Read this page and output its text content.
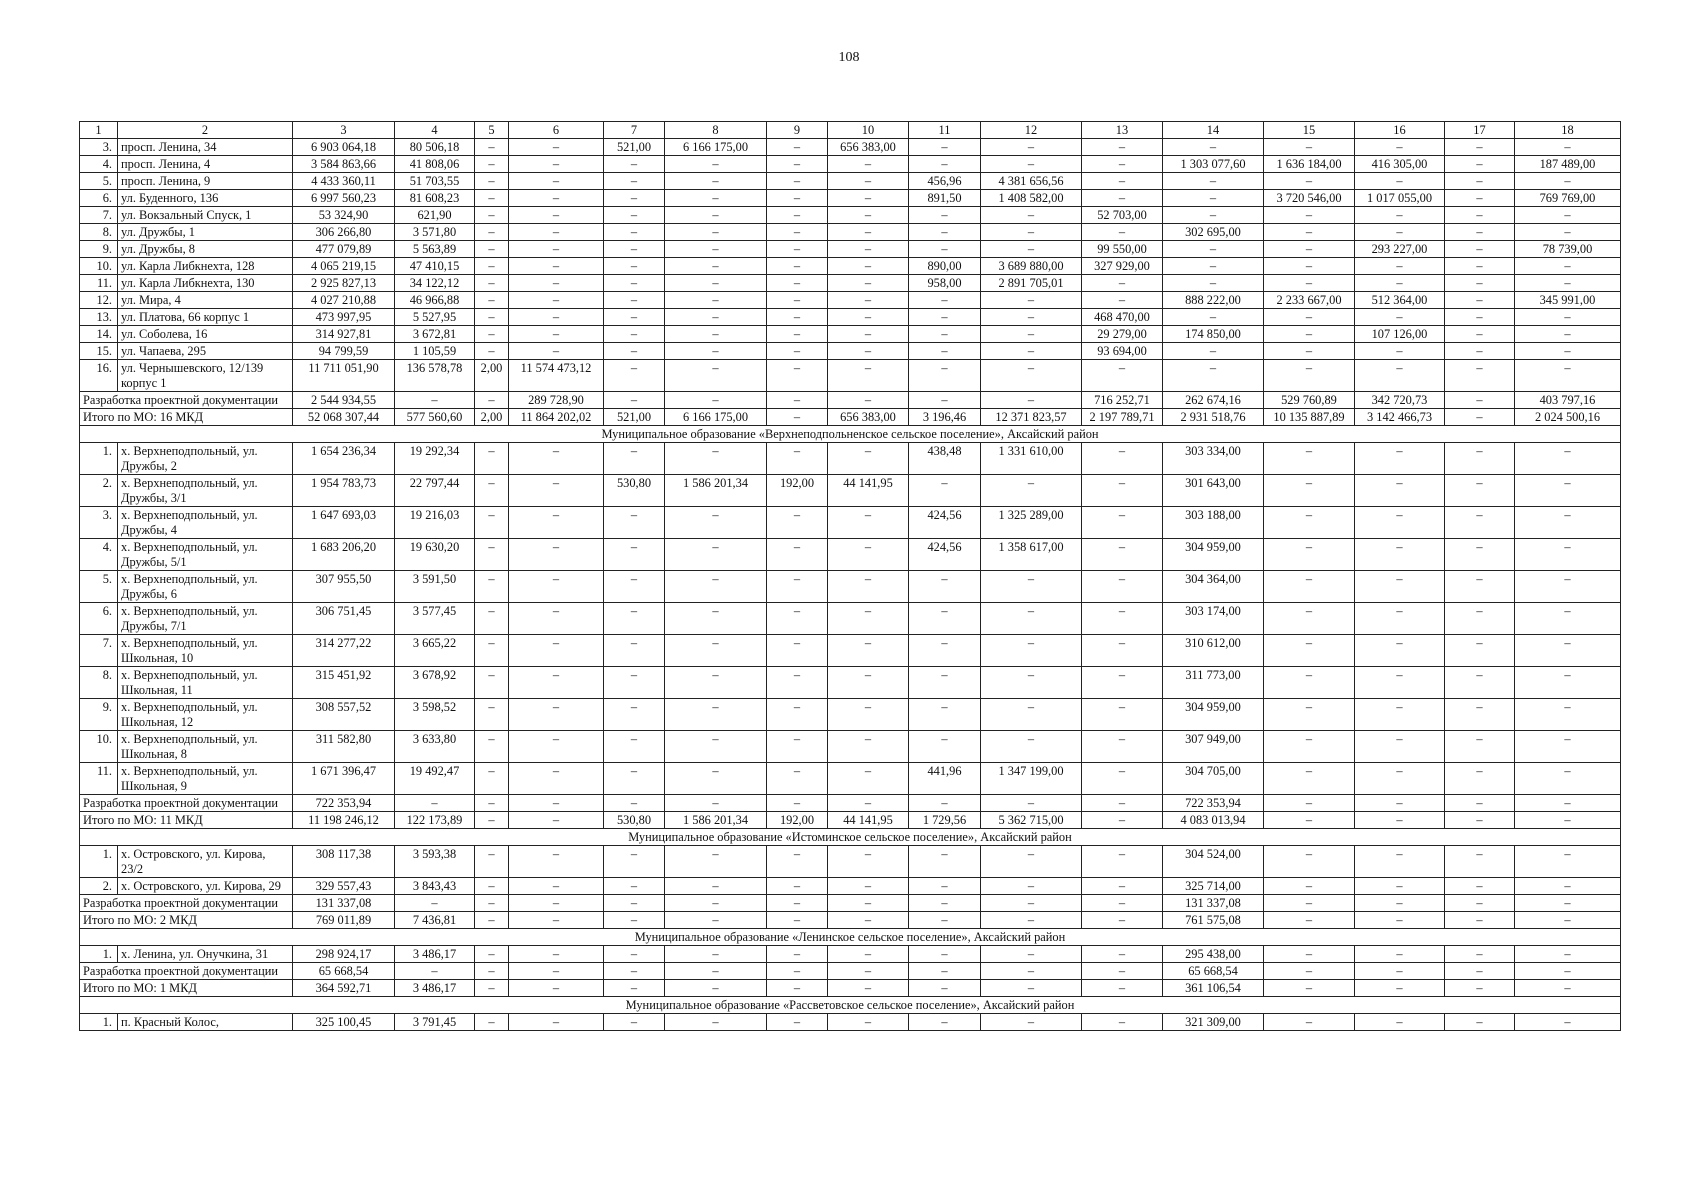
108
1	2	3	4	5	6	7	8	9	10	11	12	13	14	15	16	17	18
3.	просп. Ленина, 34	6 903 064,18	80 506,18	–	–	521,00	6 166 175,00	–	656 383,00	–	–	–	–	–	–	–	–
4.	просп. Ленина, 4	3 584 863,66	41 808,06	–	–	–	–	–	–	–	–	–	1 303 077,60	1 636 184,00	416 305,00	–	187 489,00
5.	просп. Ленина, 9	4 433 360,11	51 703,55	–	–	–	–	–	–	456,96	4 381 656,56	–	–	–	–	–	–
6.	ул. Буденного, 136	6 997 560,23	81 608,23	–	–	–	–	–	–	891,50	1 408 582,00	–	–	3 720 546,00	1 017 055,00	–	769 769,00
7.	ул. Вокзальный Спуск, 1	53 324,90	621,90	–	–	–	–	–	–	–	–	52 703,00	–	–	–	–	–
8.	ул. Дружбы, 1	306 266,80	3 571,80	–	–	–	–	–	–	–	–	–	302 695,00	–	–	–	–
9.	ул. Дружбы, 8	477 079,89	5 563,89	–	–	–	–	–	–	–	–	99 550,00	–	–	293 227,00	–	78 739,00
10.	ул. Карла Либкнехта, 128	4 065 219,15	47 410,15	–	–	–	–	–	–	890,00	3 689 880,00	327 929,00	–	–	–	–	–
11.	ул. Карла Либкнехта, 130	2 925 827,13	34 122,12	–	–	–	–	–	–	958,00	2 891 705,01	–	–	–	–	–	–
12.	ул. Мира, 4	4 027 210,88	46 966,88	–	–	–	–	–	–	–	–	–	888 222,00	2 233 667,00	512 364,00	–	345 991,00
13.	ул. Платова, 66 корпус 1	473 997,95	5 527,95	–	–	–	–	–	–	–	–	468 470,00	–	–	–	–	–
14.	ул. Соболева, 16	314 927,81	3 672,81	–	–	–	–	–	–	–	–	29 279,00	174 850,00	–	107 126,00	–	–
15.	ул. Чапаева, 295	94 799,59	1 105,59	–	–	–	–	–	–	–	–	93 694,00	–	–	–	–	–
16.	ул. Чернышевского, 12/139 корпус 1	11 711 051,90	136 578,78	2,00	11 574 473,12	–	–	–	–	–	–	–	–	–	–	–	–
Разработка проектной документации		2 544 934,55	–	–	289 728,90	–	–	–	–	–	–	716 252,71	262 674,16	529 760,89	342 720,73	–	403 797,16
Итого по МО: 16 МКД		52 068 307,44	577 560,60	2,00	11 864 202,02	521,00	6 166 175,00	–	656 383,00	3 196,46	12 371 823,57	2 197 789,71	2 931 518,76	10 135 887,89	3 142 466,73	–	2 024 500,16
Муниципальное образование «Верхнеподпольненское сельское поселение», Аксайский район																	
1.	х. Верхнеподпольный, ул. Дружбы, 2	1 654 236,34	19 292,34	–	–	–	–	–	–	438,48	1 331 610,00	–	303 334,00	–	–	–	–
2.	х. Верхнеподпольный, ул. Дружбы, 3/1	1 954 783,73	22 797,44	–	–	530,80	1 586 201,34	192,00	44 141,95	–	–	–	301 643,00	–	–	–	–
3.	х. Верхнеподпольный, ул. Дружбы, 4	1 647 693,03	19 216,03	–	–	–	–	–	–	424,56	1 325 289,00	–	303 188,00	–	–	–	–
4.	х. Верхнеподпольный, ул. Дружбы, 5/1	1 683 206,20	19 630,20	–	–	–	–	–	–	424,56	1 358 617,00	–	304 959,00	–	–	–	–
5.	х. Верхнеподпольный, ул. Дружбы, 6	307 955,50	3 591,50	–	–	–	–	–	–	–	–	–	304 364,00	–	–	–	–
6.	х. Верхнеподпольный, ул. Дружбы, 7/1	306 751,45	3 577,45	–	–	–	–	–	–	–	–	–	303 174,00	–	–	–	–
7.	х. Верхнеподпольный, ул. Школьная, 10	314 277,22	3 665,22	–	–	–	–	–	–	–	–	–	310 612,00	–	–	–	–
8.	х. Верхнеподпольный, ул. Школьная, 11	315 451,92	3 678,92	–	–	–	–	–	–	–	–	–	311 773,00	–	–	–	–
9.	х. Верхнеподпольный, ул. Школьная, 12	308 557,52	3 598,52	–	–	–	–	–	–	–	–	–	304 959,00	–	–	–	–
10.	х. Верхнеподпольный, ул. Школьная, 8	311 582,80	3 633,80	–	–	–	–	–	–	–	–	–	307 949,00	–	–	–	–
11.	х. Верхнеподпольный, ул. Школьная, 9	1 671 396,47	19 492,47	–	–	–	–	–	–	441,96	1 347 199,00	–	304 705,00	–	–	–	–
Разработка проектной документации		722 353,94	–	–	–	–	–	–	–	–	–	–	722 353,94	–	–	–	–
Итого по МО: 11 МКД		11 198 246,12	122 173,89	–	–	530,80	1 586 201,34	192,00	44 141,95	1 729,56	5 362 715,00	–	4 083 013,94	–	–	–	–
Муниципальное образование «Истоминское сельское поселение», Аксайский район																	
1.	х. Островского, ул. Кирова, 23/2	308 117,38	3 593,38	–	–	–	–	–	–	–	–	–	304 524,00	–	–	–	–
2.	х. Островского, ул. Кирова, 29	329 557,43	3 843,43	–	–	–	–	–	–	–	–	–	325 714,00	–	–	–	–
Разработка проектной документации		131 337,08	–	–	–	–	–	–	–	–	–	–	131 337,08	–	–	–	–
Итого по МО: 2 МКД		769 011,89	7 436,81	–	–	–	–	–	–	–	–	–	761 575,08	–	–	–	–
Муниципальное образование «Ленинское сельское поселение», Аксайский район																	
1.	х. Ленина, ул. Онучкина, 31	298 924,17	3 486,17	–	–	–	–	–	–	–	–	–	295 438,00	–	–	–	–
Разработка проектной документации		65 668,54	–	–	–	–	–	–	–	–	–	–	65 668,54	–	–	–	–
Итого по МО: 1 МКД		364 592,71	3 486,17	–	–	–	–	–	–	–	–	–	361 106,54	–	–	–	–
Муниципальное образование «Рассветовское сельское поселение», Аксайский район																	
1.	п. Красный Колос,	325 100,45	3 791,45	–	–	–	–	–	–	–	–	–	321 309,00	–	–	–	–
